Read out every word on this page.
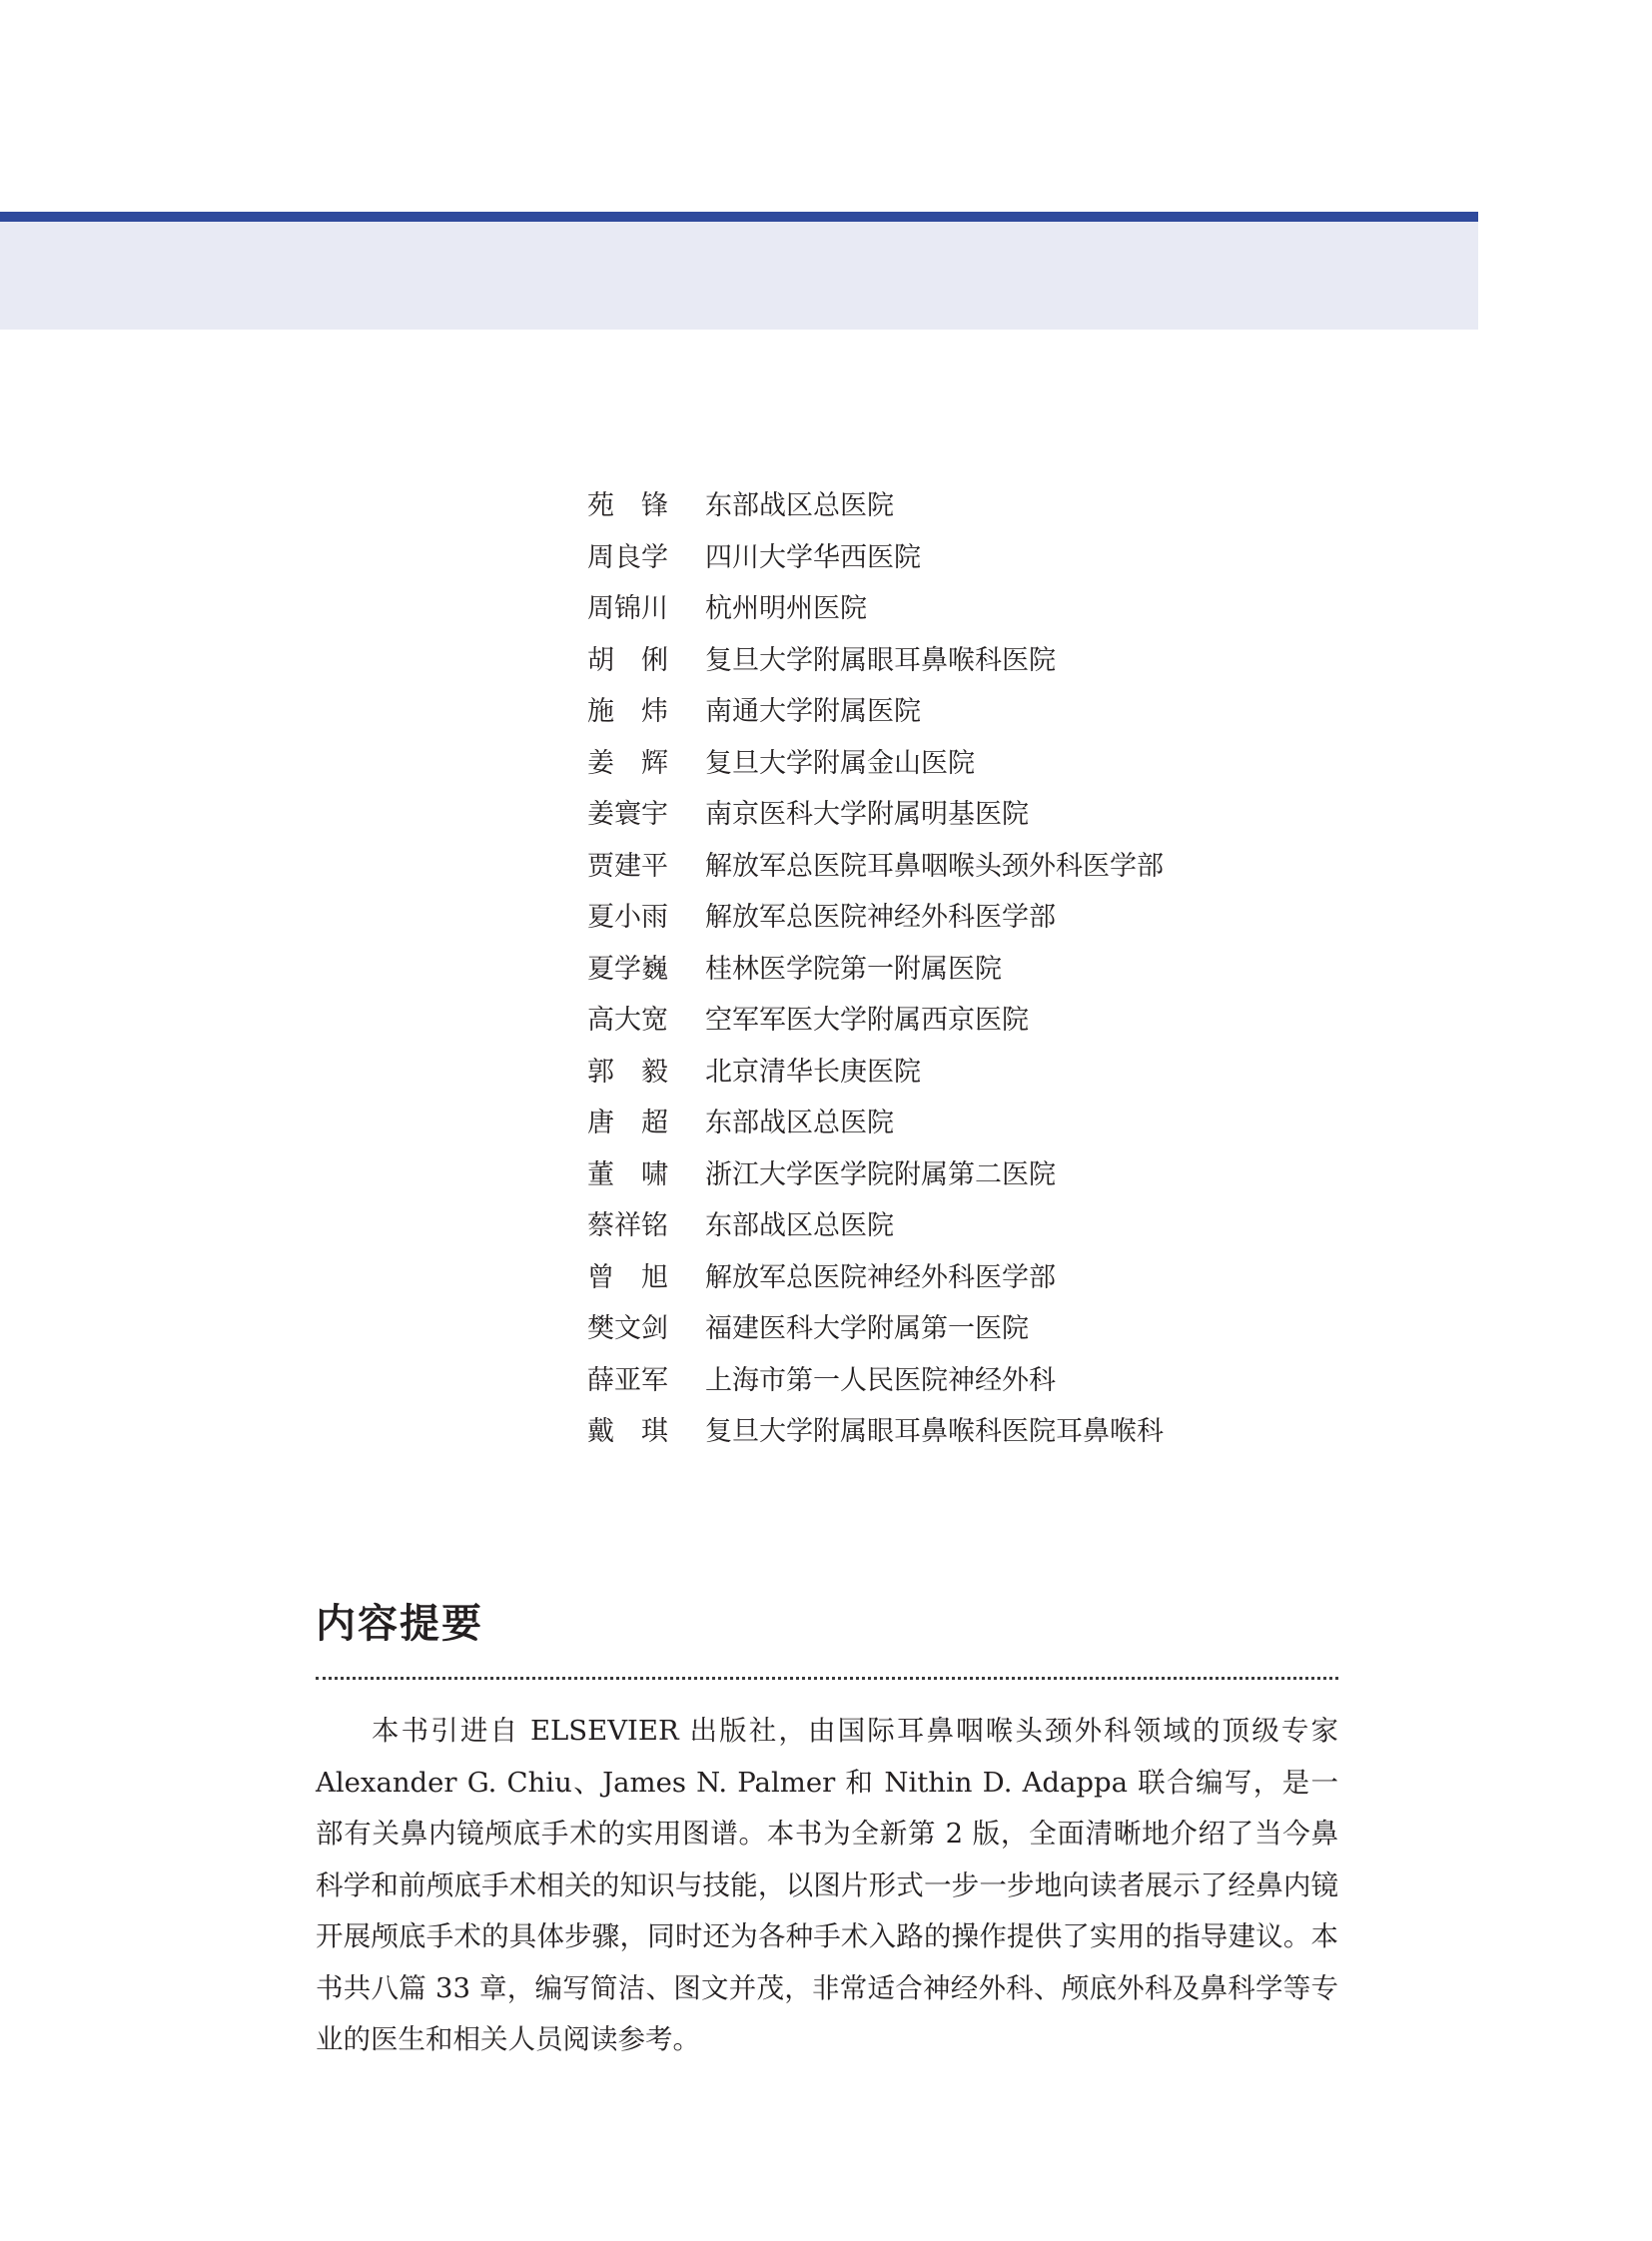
苑锋 东部战区总医院
周良学	四川大学华西医院
周锦川	杭州明州医院
胡俐 复旦大学附属眼耳鼻喉科医院
施炜 南通大学附属医院
姜辉 复旦大学附属金山医院
姜寰宇	南京医科大学附属明基医院
贾建平	解放军总医院耳鼻咽喉头颈外科医学部
夏小雨	解放军总医院神经外科医学部
夏学巍	桂林医学院第一附属医院
高大宽	空军军医大学附属西京医院
郭毅 北京清华长庚医院
唐超 东部战区总医院
董啸 浙江大学医学院附属第二医院
蔡祥铭	东部战区总医院
曾旭 解放军总医院神经外科医学部
樊文剑	福建医科大学附属第一医院
薛亚军	上海市第一人民医院神经外科
戴琪 复旦大学附属眼耳鼻喉科医院耳鼻喉科
内容提要

本书引进自 ELSEVIER 出版社，由国际耳鼻咽喉头颈外科领域的顶级专家 Alexander G. Chiu、James N. Palmer 和 Nithin D. Adappa 联合编写，是一部有关鼻内镜颅底手术的实用图谱。本书为全新第 2 版，全面清晰地介绍了当今鼻科学和前颅底手术相关的知识与技能，以图片形式一步一步地向读者展示了经鼻内镜开展颅底手术的具体步骤，同时还为各种手术入路的操作提供了实用的指导建议。本书共八篇 33 章，编写简洁、图文并茂，非常适合神经外科、颅底外科及鼻科学等专业的医生和相关人员阅读参考。
